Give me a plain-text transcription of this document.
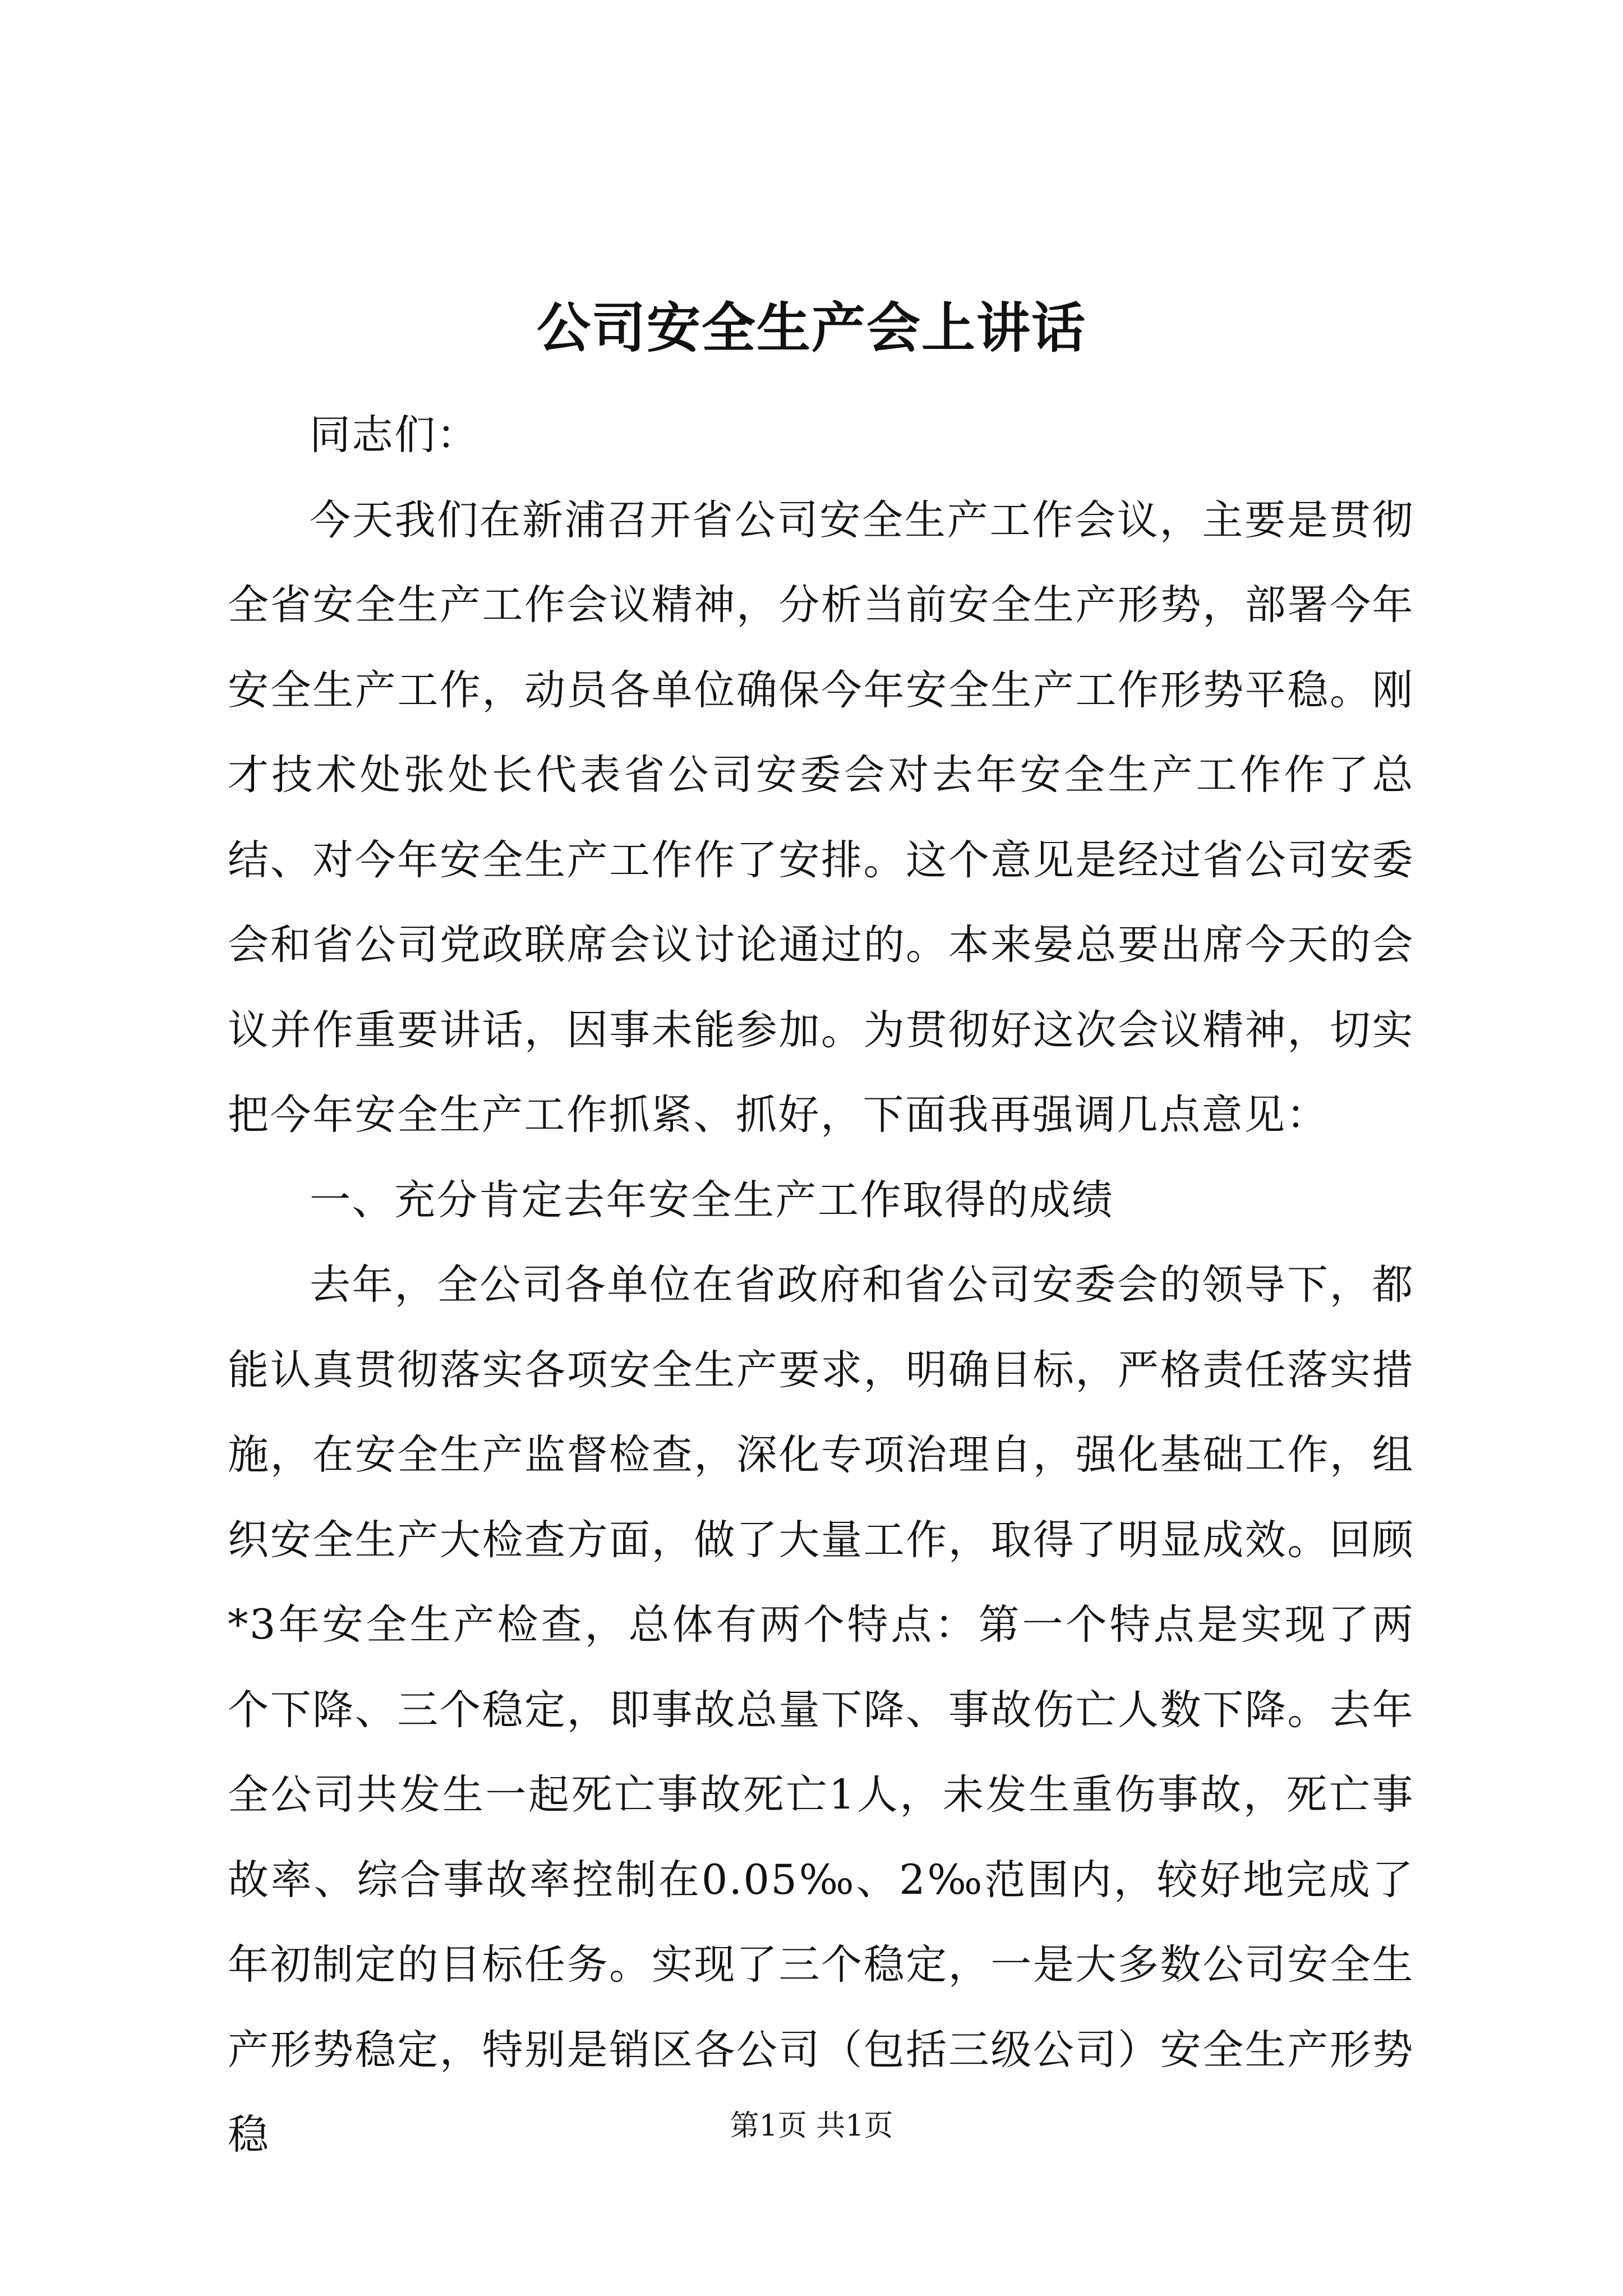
公司安全生产会上讲话

同志们：

今天我们在新浦召开省公司安全生产工作会议，主要是贯彻全省安全生产工作会议精神，分析当前安全生产形势，部署今年安全生产工作，动员各单位确保今年安全生产工作形势平稳。刚才技术处张处长代表省公司安委会对去年安全生产工作作了总结、对今年安全生产工作作了安排。这个意见是经过省公司安委会和省公司党政联席会议讨论通过的。本来晏总要出席今天的会议并作重要讲话，因事未能参加。为贯彻好这次会议精神，切实把今年安全生产工作抓紧、抓好，下面我再强调几点意见：

一、充分肯定去年安全生产工作取得的成绩

去年，全公司各单位在省政府和省公司安委会的领导下，都能认真贯彻落实各项安全生产要求，明确目标，严格责任落实措施，在安全生产监督检查，深化专项治理自，强化基础工作，组织安全生产大检查方面，做了大量工作，取得了明显成效。回顾*3年安全生产检查，总体有两个特点：第一个特点是实现了两个下降、三个稳定，即事故总量下降、事故伤亡人数下降。去年全公司共发生一起死亡事故死亡1人，未发生重伤事故，死亡事故率、综合事故率控制在0.05‰、2‰范围内，较好地完成了年初制定的目标任务。实现了三个稳定，一是大多数公司安全生产形势稳定，特别是销区各公司（包括三级公司）安全生产形势稳	第1页 共1页
